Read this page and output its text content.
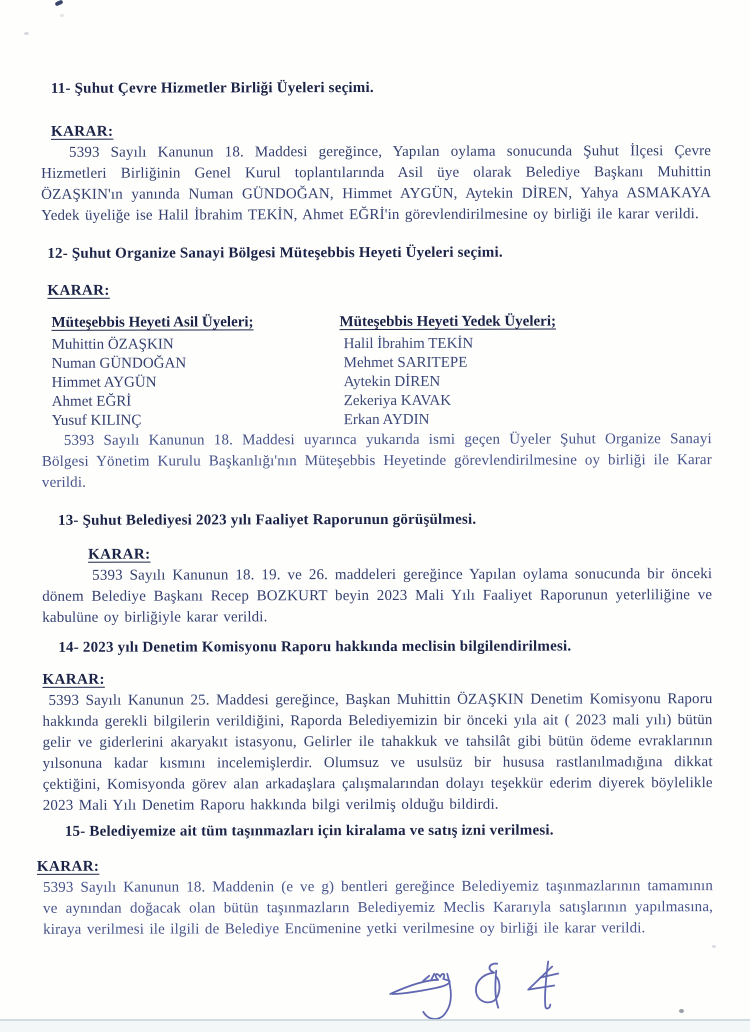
11- Şuhut Çevre Hizmetler Birliği Üyeleri seçimi.
KARAR:

5393 Sayılı Kanunun 18. Maddesi gereğince, Yapılan oylama sonucunda Şuhut İlçesi Çevre Hizmetleri Birliğinin Genel Kurul toplantılarında Asil üye olarak Belediye Başkanı Muhittin ÖZAŞKIN'ın yanında Numan GÜNDOĞAN, Himmet AYGÜN, Aytekin DİREN, Yahya ASMAKAYA Yedek üyeliğe ise Halil İbrahim TEKİN, Ahmet EĞRİ'in görevlendirilmesine oy birliği ile karar verildi.

12- Şuhut Organize Sanayi Bölgesi Müteşebbis Heyeti Üyeleri seçimi.
KARAR:
Müteşebbis Heyeti Asil Üyeleri;
Muhittin ÖZAŞKIN
Numan GÜNDOĞAN
Himmet AYGÜN
Ahmet EĞRİ
Yusuf KILINÇ
Müteşebbis Heyeti Yedek Üyeleri;
Halil İbrahim TEKİN
Mehmet SARITEPE
Aytekin DİREN
Zekeriya KAVAK
Erkan AYDIN

5393 Sayılı Kanunun 18. Maddesi uyarınca yukarıda ismi geçen Üyeler Şuhut Organize Sanayi Bölgesi Yönetim Kurulu Başkanlığı'nın Müteşebbis Heyetinde görevlendirilmesine oy birliği ile Karar verildi.

13- Şuhut Belediyesi 2023 yılı Faaliyet Raporunun görüşülmesi.
KARAR:

5393 Sayılı Kanunun 18. 19. ve 26. maddeleri gereğince Yapılan oylama sonucunda bir önceki dönem Belediye Başkanı Recep BOZKURT beyin 2023 Mali Yılı Faaliyet Raporunun yeterliliğine ve kabulüne oy birliğiyle karar verildi.

14- 2023 yılı Denetim Komisyonu Raporu hakkında meclisin bilgilendirilmesi.
KARAR:

5393 Sayılı Kanunun 25. Maddesi gereğince, Başkan Muhittin ÖZAŞKIN Denetim Komisyonu Raporu hakkında gerekli bilgilerin verildiğini, Raporda Belediyemizin bir önceki yıla ait ( 2023 mali yılı) bütün gelir ve giderlerini akaryakıt istasyonu, Gelirler ile tahakkuk ve tahsilât gibi bütün ödeme evraklarının yılsonuna kadar kısmını incelemişlerdir. Olumsuz ve usulsüz bir hususa rastlanılmadığına dikkat çektiğini, Komisyonda görev alan arkadaşlara çalışmalarından dolayı teşekkür ederim diyerek böylelikle 2023 Mali Yılı Denetim Raporu hakkında bilgi verilmiş olduğu bildirdi.

15- Belediyemize ait tüm taşınmazları için kiralama ve satış izni verilmesi.
KARAR:

5393 Sayılı Kanunun 18. Maddenin (e ve g) bentleri gereğince Belediyemiz taşınmazlarının tamamının ve aynından doğacak olan bütün taşınmazların Belediyemiz Meclis Kararıyla satışlarının yapılmasına, kiraya verilmesi ile ilgili de Belediye Encümenine yetki verilmesine oy birliği ile karar verildi.
